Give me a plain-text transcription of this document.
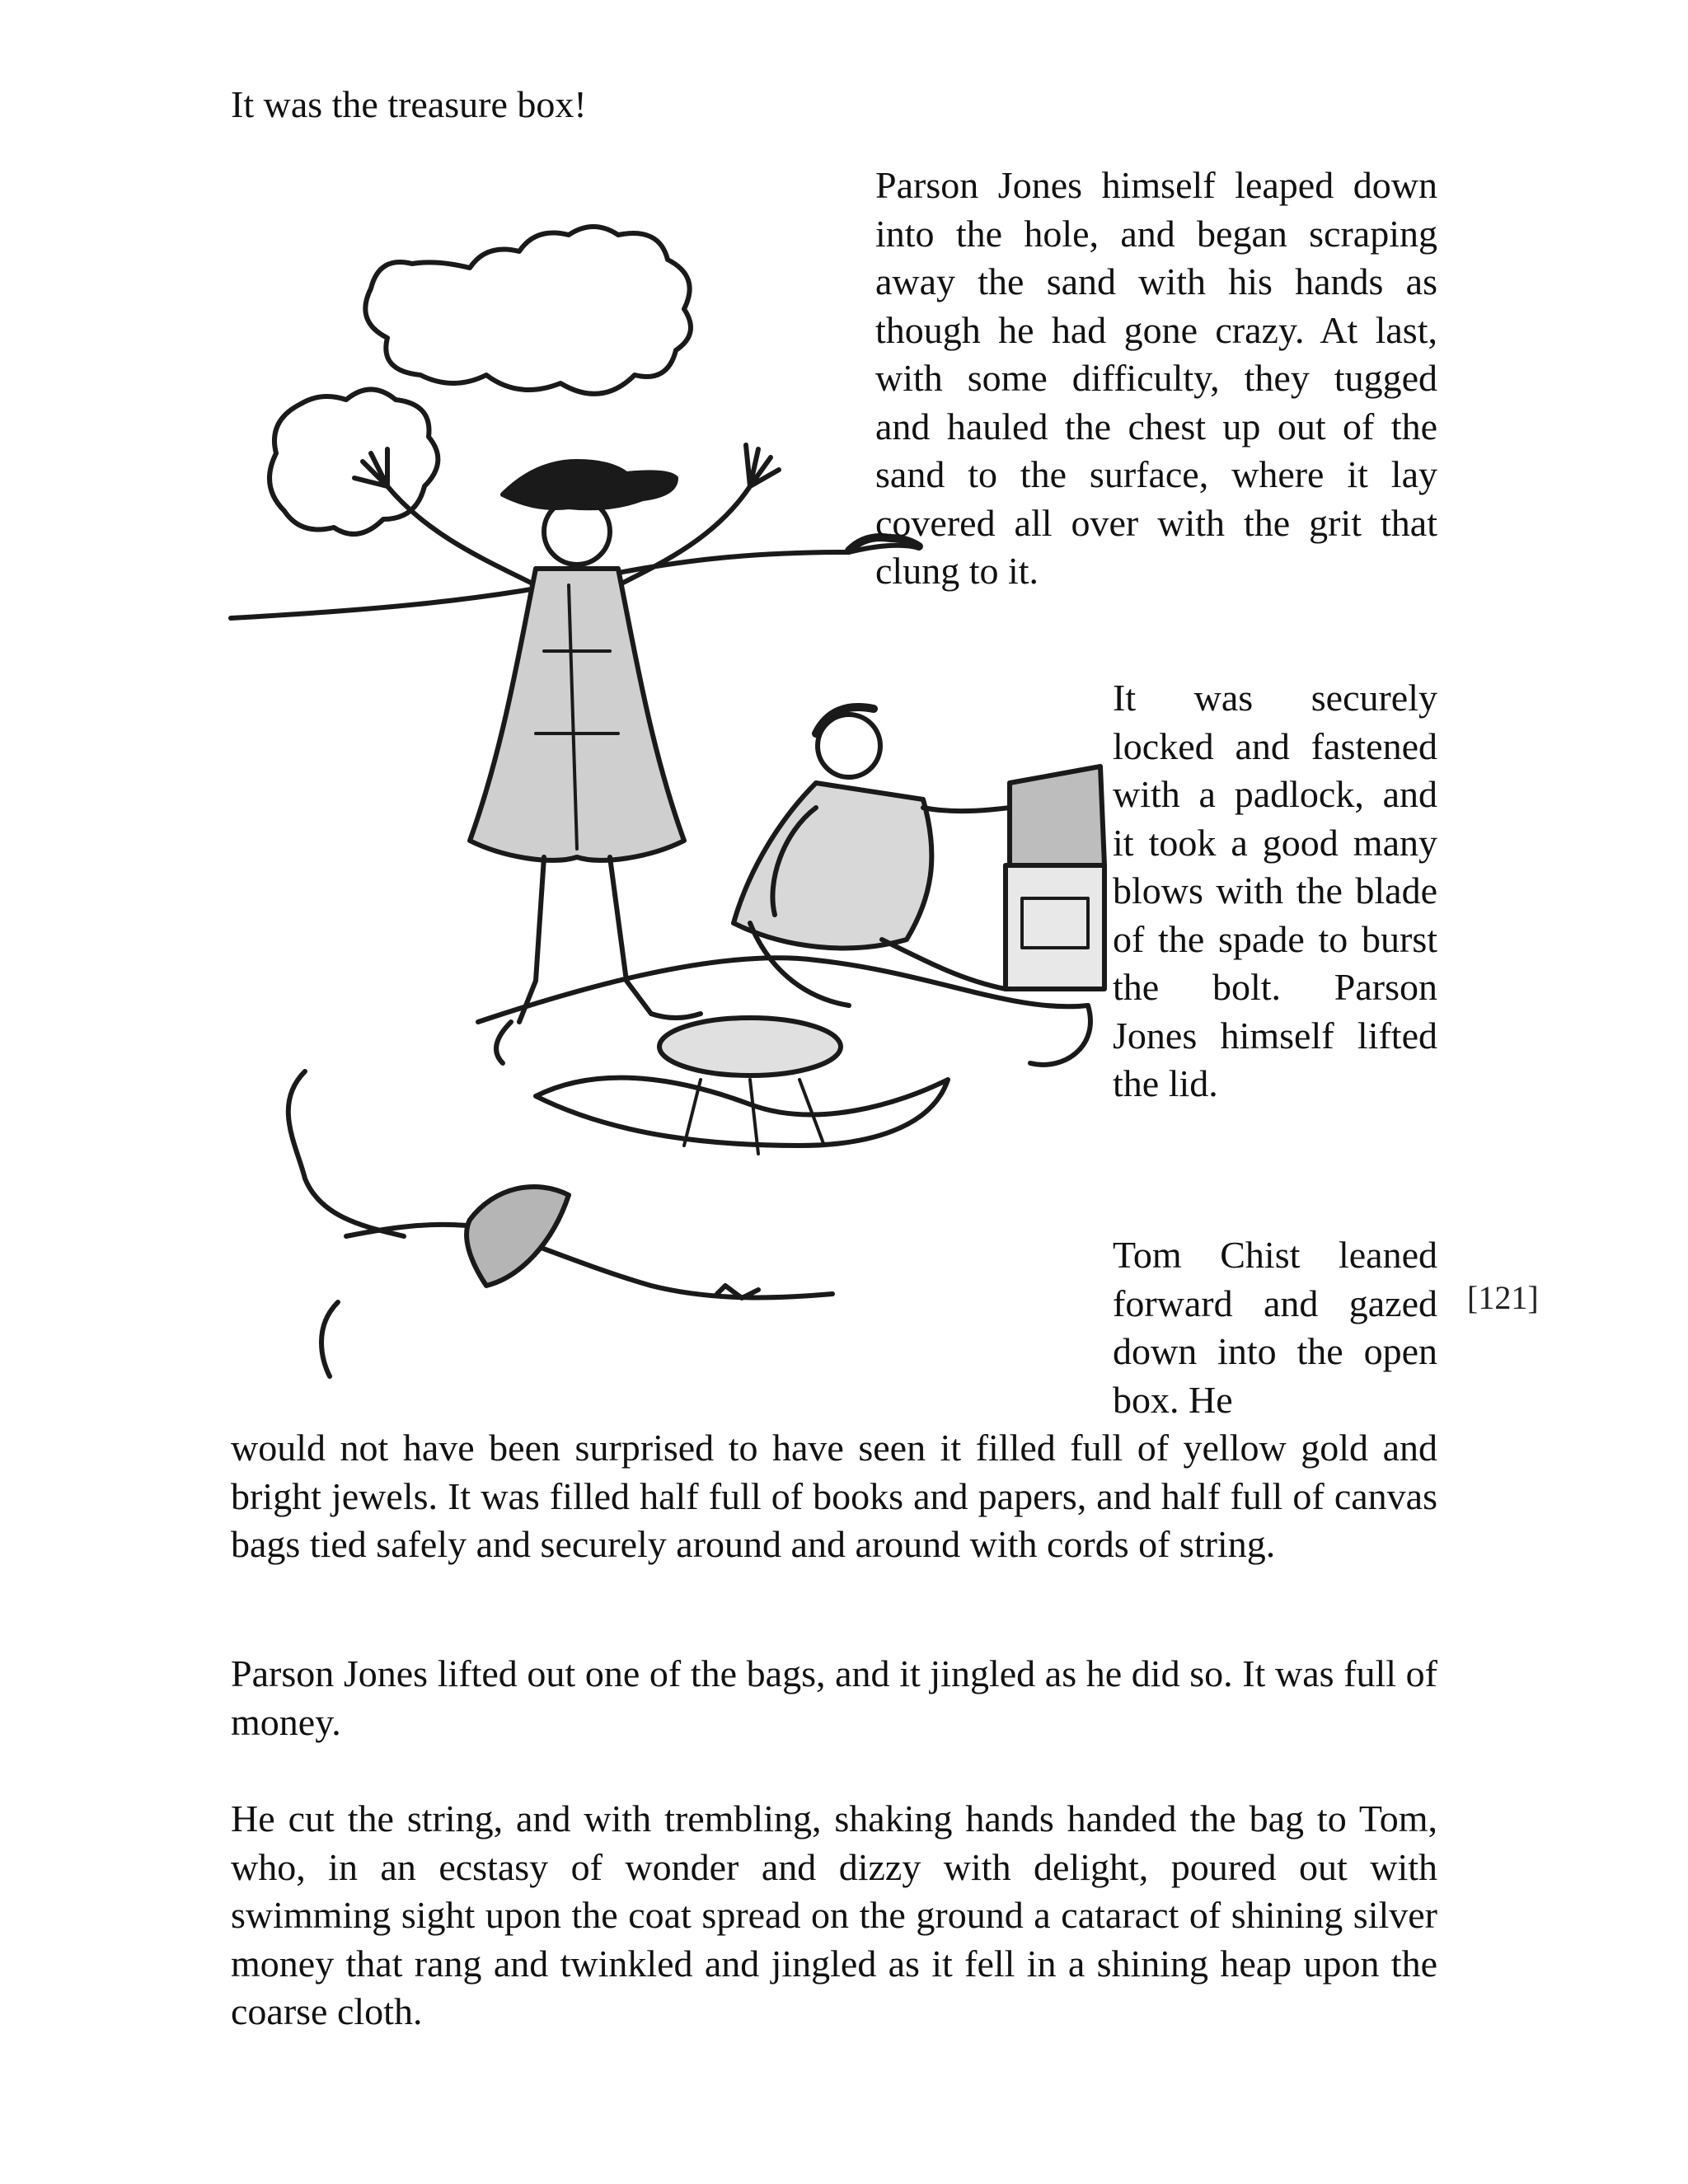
It was the treasure box!

Parson Jones himself leaped down into the hole, and began scraping away the sand with his hands as though he had gone crazy. At last, with some difficulty, they tugged and hauled the chest up out of the sand to the surface, where it lay covered all over with the grit that clung to it.

It was securely locked and fastened with a padlock, and it took a good many blows with the blade of the spade to burst the bolt. Parson Jones himself lifted the lid.

Tom Chist leaned forward and gazed down into the open box. He

would not have been surprised to have seen it filled full of yellow gold and bright jewels. It was filled half full of books and papers, and half full of canvas bags tied safely and securely around and around with cords of string.

Parson Jones lifted out one of the bags, and it jingled as he did so. It was full of money.

He cut the string, and with trembling, shaking hands handed the bag to Tom, who, in an ecstasy of wonder and dizzy with delight, poured out with swimming sight upon the coat spread on the ground a cataract of shining silver money that rang and twinkled and jingled as it fell in a shining heap upon the coarse cloth.

[121]
